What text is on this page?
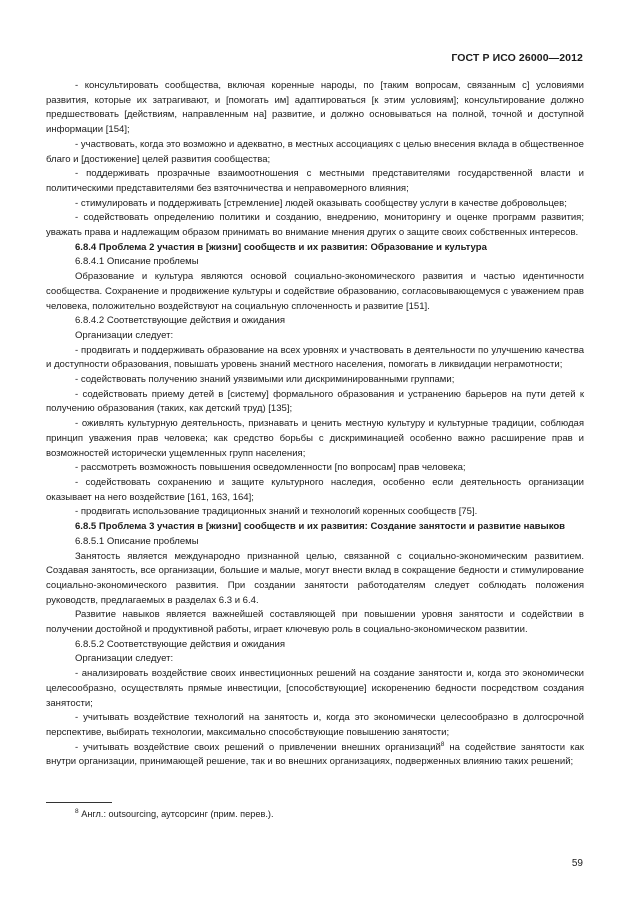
ГОСТ Р ИСО 26000—2012

- консультировать сообщества, включая коренные народы, по [таким вопросам, связанным с] условиями развития, которые их затрагивают, и [помогать им] адаптироваться [к этим условиям]; консультирование должно предшествовать [действиям, направленным на] развитие, и должно основываться на полной, точной и доступной информации [154];

- участвовать, когда это возможно и адекватно, в местных ассоциациях с целью внесения вклада в общественное благо и [достижение] целей развития сообщества;

- поддерживать прозрачные взаимоотношения с местными представителями государственной власти и политическими представителями без взяточничества и неправомерного влияния;

- стимулировать и поддерживать [стремление] людей оказывать сообществу услуги в качестве добровольцев;

- содействовать определению политики и созданию, внедрению, мониторингу и оценке программ развития; уважать права и надлежащим образом принимать во внимание мнения других о защите своих собственных интересов.

6.8.4 Проблема 2 участия в [жизни] сообществ и их развития: Образование и культура

6.8.4.1 Описание проблемы

Образование и культура являются основой социально-экономического развития и частью идентичности сообщества. Сохранение и продвижение культуры и содействие образованию, согласовывающемуся с уважением прав человека, положительно воздействуют на социальную сплоченность и развитие [151].

6.8.4.2 Соответствующие действия и ожидания

Организации следует:

- продвигать и поддерживать образование на всех уровнях и участвовать в деятельности по улучшению качества и доступности образования, повышать уровень знаний местного населения, помогать в ликвидации неграмотности;

- содействовать получению знаний уязвимыми или дискриминированными группами;

- содействовать приему детей в [систему] формального образования и устранению барьеров на пути детей к получению образования (таких, как детский труд) [135];

- оживлять культурную деятельность, признавать и ценить местную культуру и культурные традиции, соблюдая принцип уважения прав человека; как средство борьбы с дискриминацией особенно важно расширение прав и возможностей исторически ущемленных групп населения;

- рассмотреть возможность повышения осведомленности [по вопросам] прав человека;

- содействовать сохранению и защите культурного наследия, особенно если деятельность организации оказывает на него воздействие [161, 163, 164];

- продвигать использование традиционных знаний и технологий коренных сообществ [75].

6.8.5 Проблема 3 участия в [жизни] сообществ и их развития: Создание занятости и развитие навыков

6.8.5.1 Описание проблемы

Занятость является международно признанной целью, связанной с социально-экономическим развитием. Создавая занятость, все организации, большие и малые, могут внести вклад в сокращение бедности и стимулирование социально-экономического развития. При создании занятости работодателям следует соблюдать положения руководств, предлагаемых в разделах 6.3 и 6.4.

Развитие навыков является важнейшей составляющей при повышении уровня занятости и содействии в получении достойной и продуктивной работы, играет ключевую роль в социально-экономическом развитии.

6.8.5.2 Соответствующие действия и ожидания

Организации следует:

- анализировать воздействие своих инвестиционных решений на создание занятости и, когда это экономически целесообразно, осуществлять прямые инвестиции, [способствующие] искоренению бедности посредством создания занятости;

- учитывать воздействие технологий на занятость и, когда это экономически целесообразно в долгосрочной перспективе, выбирать технологии, максимально способствующие повышению занятости;

- учитывать воздействие своих решений о привлечении внешних организаций$^8$ на содействие занятости как внутри организации, принимающей решение, так и во внешних организациях, подверженных влиянию таких решений;

$^8$ Англ.: outsourcing, аутсорсинг (прим. перев.).
59
